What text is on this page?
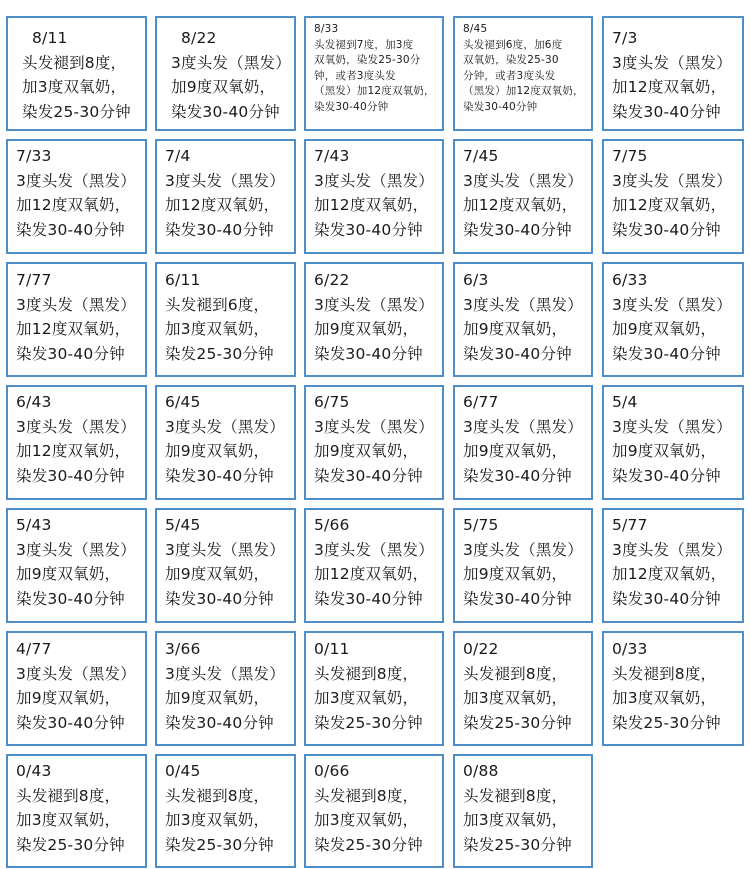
8/11
头发褪到8度，
加3度双氧奶，
染发25-30分钟
8/22
3度头发（黑发）
加9度双氧奶，
染发30-40分钟
8/33
头发褪到7度，加3度
双氧奶，染发25-30分
钟，或者3度头发
（黑发）加12度双氧奶，
染发30-40分钟
8/45
头发褪到6度，加6度
双氧奶，染发25-30
分钟，或者3度头发
（黑发）加12度双氧奶，
染发30-40分钟
7/3
3度头发（黑发）
加12度双氧奶，
染发30-40分钟
7/33
3度头发（黑发）
加12度双氧奶，
染发30-40分钟
7/4
3度头发（黑发）
加12度双氧奶，
染发30-40分钟
7/43
3度头发（黑发）
加12度双氧奶，
染发30-40分钟
7/45
3度头发（黑发）
加12度双氧奶，
染发30-40分钟
7/75
3度头发（黑发）
加12度双氧奶，
染发30-40分钟
7/77
3度头发（黑发）
加12度双氧奶，
染发30-40分钟
6/11
头发褪到6度，
加3度双氧奶，
染发25-30分钟
6/22
3度头发（黑发）
加9度双氧奶，
染发30-40分钟
6/3
3度头发（黑发）
加9度双氧奶，
染发30-40分钟
6/33
3度头发（黑发）
加9度双氧奶，
染发30-40分钟
6/43
3度头发（黑发）
加12度双氧奶，
染发30-40分钟
6/45
3度头发（黑发）
加9度双氧奶，
染发30-40分钟
6/75
3度头发（黑发）
加9度双氧奶，
染发30-40分钟
6/77
3度头发（黑发）
加9度双氧奶，
染发30-40分钟
5/4
3度头发（黑发）
加9度双氧奶，
染发30-40分钟
5/43
3度头发（黑发）
加9度双氧奶，
染发30-40分钟
5/45
3度头发（黑发）
加9度双氧奶，
染发30-40分钟
5/66
3度头发（黑发）
加12度双氧奶，
染发30-40分钟
5/75
3度头发（黑发）
加9度双氧奶，
染发30-40分钟
5/77
3度头发（黑发）
加12度双氧奶，
染发30-40分钟
4/77
3度头发（黑发）
加9度双氧奶，
染发30-40分钟
3/66
3度头发（黑发）
加9度双氧奶，
染发30-40分钟
0/11
头发褪到8度，
加3度双氧奶，
染发25-30分钟
0/22
头发褪到8度，
加3度双氧奶，
染发25-30分钟
0/33
头发褪到8度，
加3度双氧奶，
染发25-30分钟
0/43
头发褪到8度，
加3度双氧奶，
染发25-30分钟
0/45
头发褪到8度，
加3度双氧奶，
染发25-30分钟
0/66
头发褪到8度，
加3度双氧奶，
染发25-30分钟
0/88
头发褪到8度，
加3度双氧奶，
染发25-30分钟
